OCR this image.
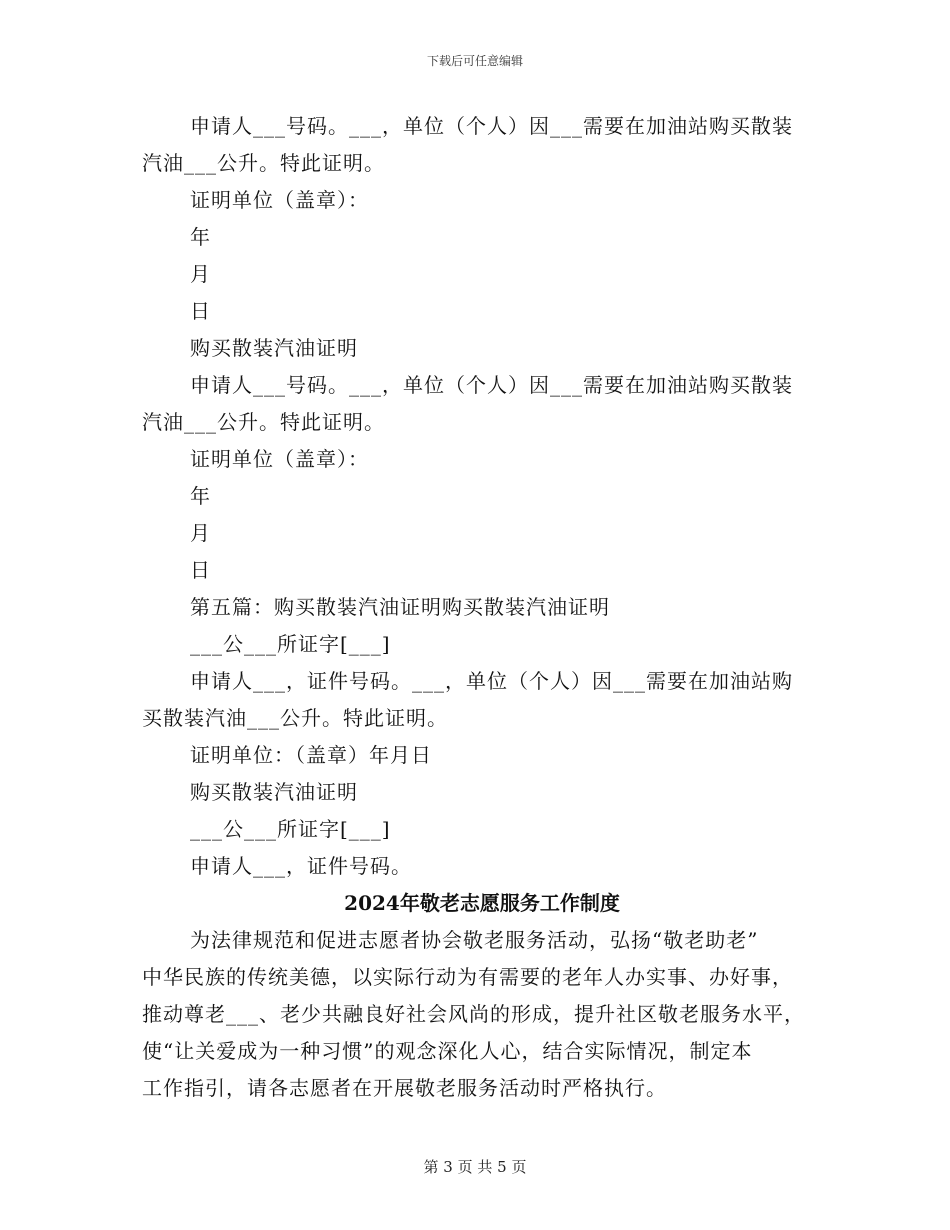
下载后可任意编辑
申请人___号码。___，单位（个人）因___需要在加油站购买散装
汽油___公升。特此证明。
证明单位（盖章）：
年
月
日
购买散装汽油证明
申请人___号码。___，单位（个人）因___需要在加油站购买散装
汽油___公升。特此证明。
证明单位（盖章）：
年
月
日
第五篇：购买散装汽油证明购买散装汽油证明
___公___所证字[___]
申请人___，证件号码。___，单位（个人）因___需要在加油站购
买散装汽油___公升。特此证明。
证明单位：（盖章）年月日
购买散装汽油证明
___公___所证字[___]
申请人___，证件号码。
2024年敬老志愿服务工作制度
为法律规范和促进志愿者协会敬老服务活动，弘扬“敬老助老”
中华民族的传统美德，以实际行动为有需要的老年人办实事、办好事，
推动尊老___、老少共融良好社会风尚的形成，提升社区敬老服务水平，
使“让关爱成为一种习惯”的观念深化人心，结合实际情况，制定本
工作指引，请各志愿者在开展敬老服务活动时严格执行。
第 3 页 共 5 页
